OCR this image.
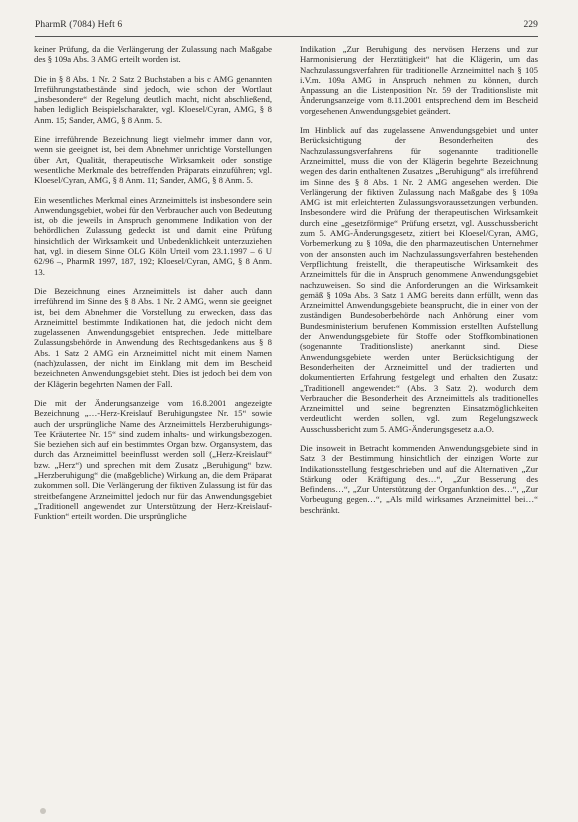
PharmR (7084) Heft 6	229

keiner Prüfung, da die Verlängerung der Zulassung nach Maßgabe des § 109a Abs. 3 AMG erteilt worden ist.

Die in § 8 Abs. 1 Nr. 2 Satz 2 Buchstaben a bis c AMG genannten Irreführungstatbestände sind jedoch, wie schon der Wortlaut „insbesondere“ der Regelung deutlich macht, nicht abschließend, haben lediglich Beispielscharakter, vgl. Kloesel/Cyran, AMG, § 8 Anm. 15; Sander, AMG, § 8 Anm. 5.

Eine irreführende Bezeichnung liegt vielmehr immer dann vor, wenn sie geeignet ist, bei dem Abnehmer unrichtige Vorstellungen über Art, Qualität, therapeutische Wirksamkeit oder sonstige wesentliche Merkmale des betreffenden Präparats einzuführen; vgl. Kloesel/Cyran, AMG, § 8 Anm. 11; Sander, AMG, § 8 Anm. 5.

Ein wesentliches Merkmal eines Arzneimittels ist insbesondere sein Anwendungsgebiet, wobei für den Verbraucher auch von Bedeutung ist, ob die jeweils in Anspruch genommene Indikation von der behördlichen Zulassung gedeckt ist und damit eine Prüfung hinsichtlich der Wirksamkeit und Unbedenklichkeit unterzuziehen hat, vgl. in diesem Sinne OLG Köln Urteil vom 23.1.1997 – 6 U 62/96 –, PharmR 1997, 187, 192; Kloesel/Cyran, AMG, § 8 Anm. 13.

Die Bezeichnung eines Arzneimittels ist daher auch dann irreführend im Sinne des § 8 Abs. 1 Nr. 2 AMG, wenn sie geeignet ist, bei dem Abnehmer die Vorstellung zu erwecken, dass das Arzneimittel bestimmte Indikationen hat, die jedoch nicht dem zugelassenen Anwendungsgebiet entsprechen. Jede mittelbare Zulassungsbehörde in Anwendung des Rechtsgedankens aus § 8 Abs. 1 Satz 2 AMG ein Arzneimittel nicht mit einem Namen (nach)zulassen, der nicht im Einklang mit dem im Bescheid bezeichneten Anwendungsgebiet steht. Dies ist jedoch bei dem von der Klägerin begehrten Namen der Fall.

Die mit der Änderungsanzeige vom 16.8.2001 angezeigte Bezeichnung „…-Herz-Kreislauf Beruhigungstee Nr. 15“ sowie auch der ursprüngliche Name des Arzneimittels Herzberuhigungs-Tee Kräutertee Nr. 15“ sind zudem inhalts- und wirkungsbezogen. Sie beziehen sich auf ein bestimmtes Organ bzw. Organsystem, das durch das Arzneimittel beeinflusst werden soll („Herz-Kreislauf“ bzw. „Herz“) und sprechen mit dem Zusatz „Beruhigung“ bzw. „Herzberuhigung“ die (maßgebliche) Wirkung an, die dem Präparat zukommen soll. Die Verlängerung der fiktiven Zulassung ist für das streitbefangene Arzneimittel jedoch nur für das Anwendungsgebiet „Traditionell angewendet zur Unterstützung der Herz-Kreislauf-Funktion“ erteilt worden. Die ursprüngliche

Indikation „Zur Beruhigung des nervösen Herzens und zur Harmonisierung der Herztätigkeit“ hat die Klägerin, um das Nachzulassungsverfahren für traditionelle Arzneimittel nach § 105 i.V.m. 109a AMG in Anspruch nehmen zu können, durch Anpassung an die Listenposition Nr. 59 der Traditionsliste mit Änderungsanzeige vom 8.11.2001 entsprechend dem im Bescheid vorgesehenen Anwendungsgebiet geändert.

Im Hinblick auf das zugelassene Anwendungsgebiet und unter Berücksichtigung der Besonderheiten des Nachzulassungsverfahrens für sogenannte traditionelle Arzneimittel, muss die von der Klägerin begehrte Bezeichnung wegen des darin enthaltenen Zusatzes „Beruhigung“ als irreführend im Sinne des § 8 Abs. 1 Nr. 2 AMG angesehen werden. Die Verlängerung der fiktiven Zulassung nach Maßgabe des § 109a AMG ist mit erleichterten Zulassungsvoraussetzungen verbunden. Insbesondere wird die Prüfung der therapeutischen Wirksamkeit durch eine „gesetzförmige“ Prüfung ersetzt, vgl. Ausschussbericht zum 5. AMG-Änderungsgesetz, zitiert bei Kloesel/Cyran, AMG, Vorbemerkung zu § 109a, die den pharmazeutischen Unternehmer von der ansonsten auch im Nachzulassungsverfahren bestehenden Verpflichtung freistellt, die therapeutische Wirksamkeit des Arzneimittels für die in Anspruch genommene Anwendungsgebiet nachzuweisen. So sind die Anforderungen an die Wirksamkeit gemäß § 109a Abs. 3 Satz 1 AMG bereits dann erfüllt, wenn das Arzneimittel Anwendungsgebiete beansprucht, die in einer von der zuständigen Bundesoberbehörde nach Anhörung einer vom Bundesministerium berufenen Kommission erstellten Aufstellung der Anwendungsgebiete für Stoffe oder Stoffkombinationen (sogenannte Traditionsliste) anerkannt sind. Diese Anwendungsgebiete werden unter Berücksichtigung der Besonderheiten der Arzneimittel und der tradierten und dokumentierten Erfahrung festgelegt und erhalten den Zusatz: „Traditionell angewendet:“ (Abs. 3 Satz 2). wodurch dem Verbraucher die Besonderheit des Arzneimittels als traditionelles Arzneimittel und seine begrenzten Einsatzmöglichkeiten verdeutlicht werden sollen, vgl. zum Regelungszweck Ausschussbericht zum 5. AMG-Änderungsgesetz a.a.O.

Die insoweit in Betracht kommenden Anwendungsgebiete sind in Satz 3 der Bestimmung hinsichtlich der einzigen Worte zur Indikationsstellung festgeschrieben und auf die Alternativen „Zur Stärkung oder Kräftigung des…“, „Zur Besserung des Befindens…“, „Zur Unterstützung der Organfunktion des…“, „Zur Vorbeugung gegen…“, „Als mild wirksames Arzneimittel bei…“ beschränkt.
